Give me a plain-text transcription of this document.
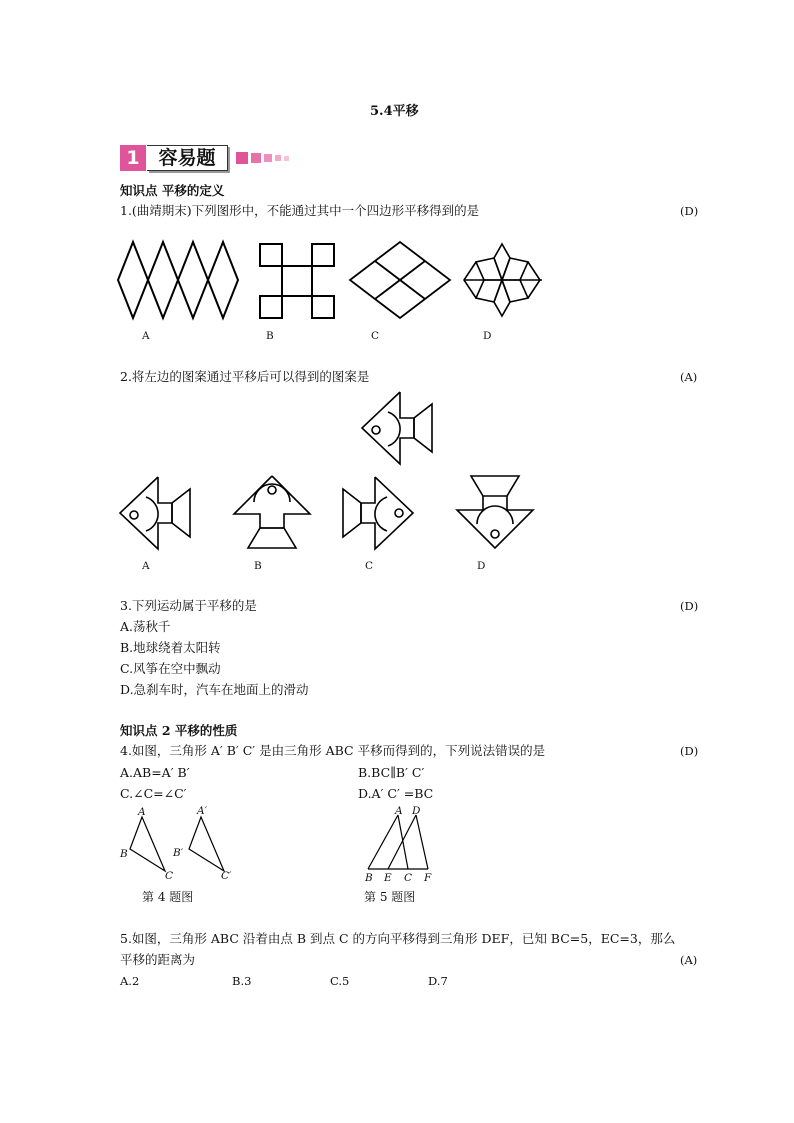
5.4平移
1 容易题
知识点 平移的定义
1.(曲靖期末)下列图形中，不能通过其中一个四边形平移得到的是	(D)
A	B	C	D
2.将左边的图案通过平移后可以得到的图案是	(A)
A	B	C	D
3.下列运动属于平移的是	(D)
A.荡秋千
B.地球绕着太阳转
C.风筝在空中飘动
D.急刹车时，汽车在地面上的滑动
知识点 2 平移的性质
4.如图，三角形 A′ B′ C′ 是由三角形 ABC 平移而得到的，下列说法错误的是	(D)
A.AB=A′ B′	B.BC∥B′ C′
C.∠C=∠C′	D.A′ C′ =BC
A
B
C
A′
B′
C′
第 4 题图
A D
B E C F
第 5 题图
5.如图，三角形 ABC 沿着由点 B 到点 C 的方向平移得到三角形 DEF，已知 BC=5，EC=3，那么
平移的距离为	(A)
A.2	B.3	C.5	D.7
